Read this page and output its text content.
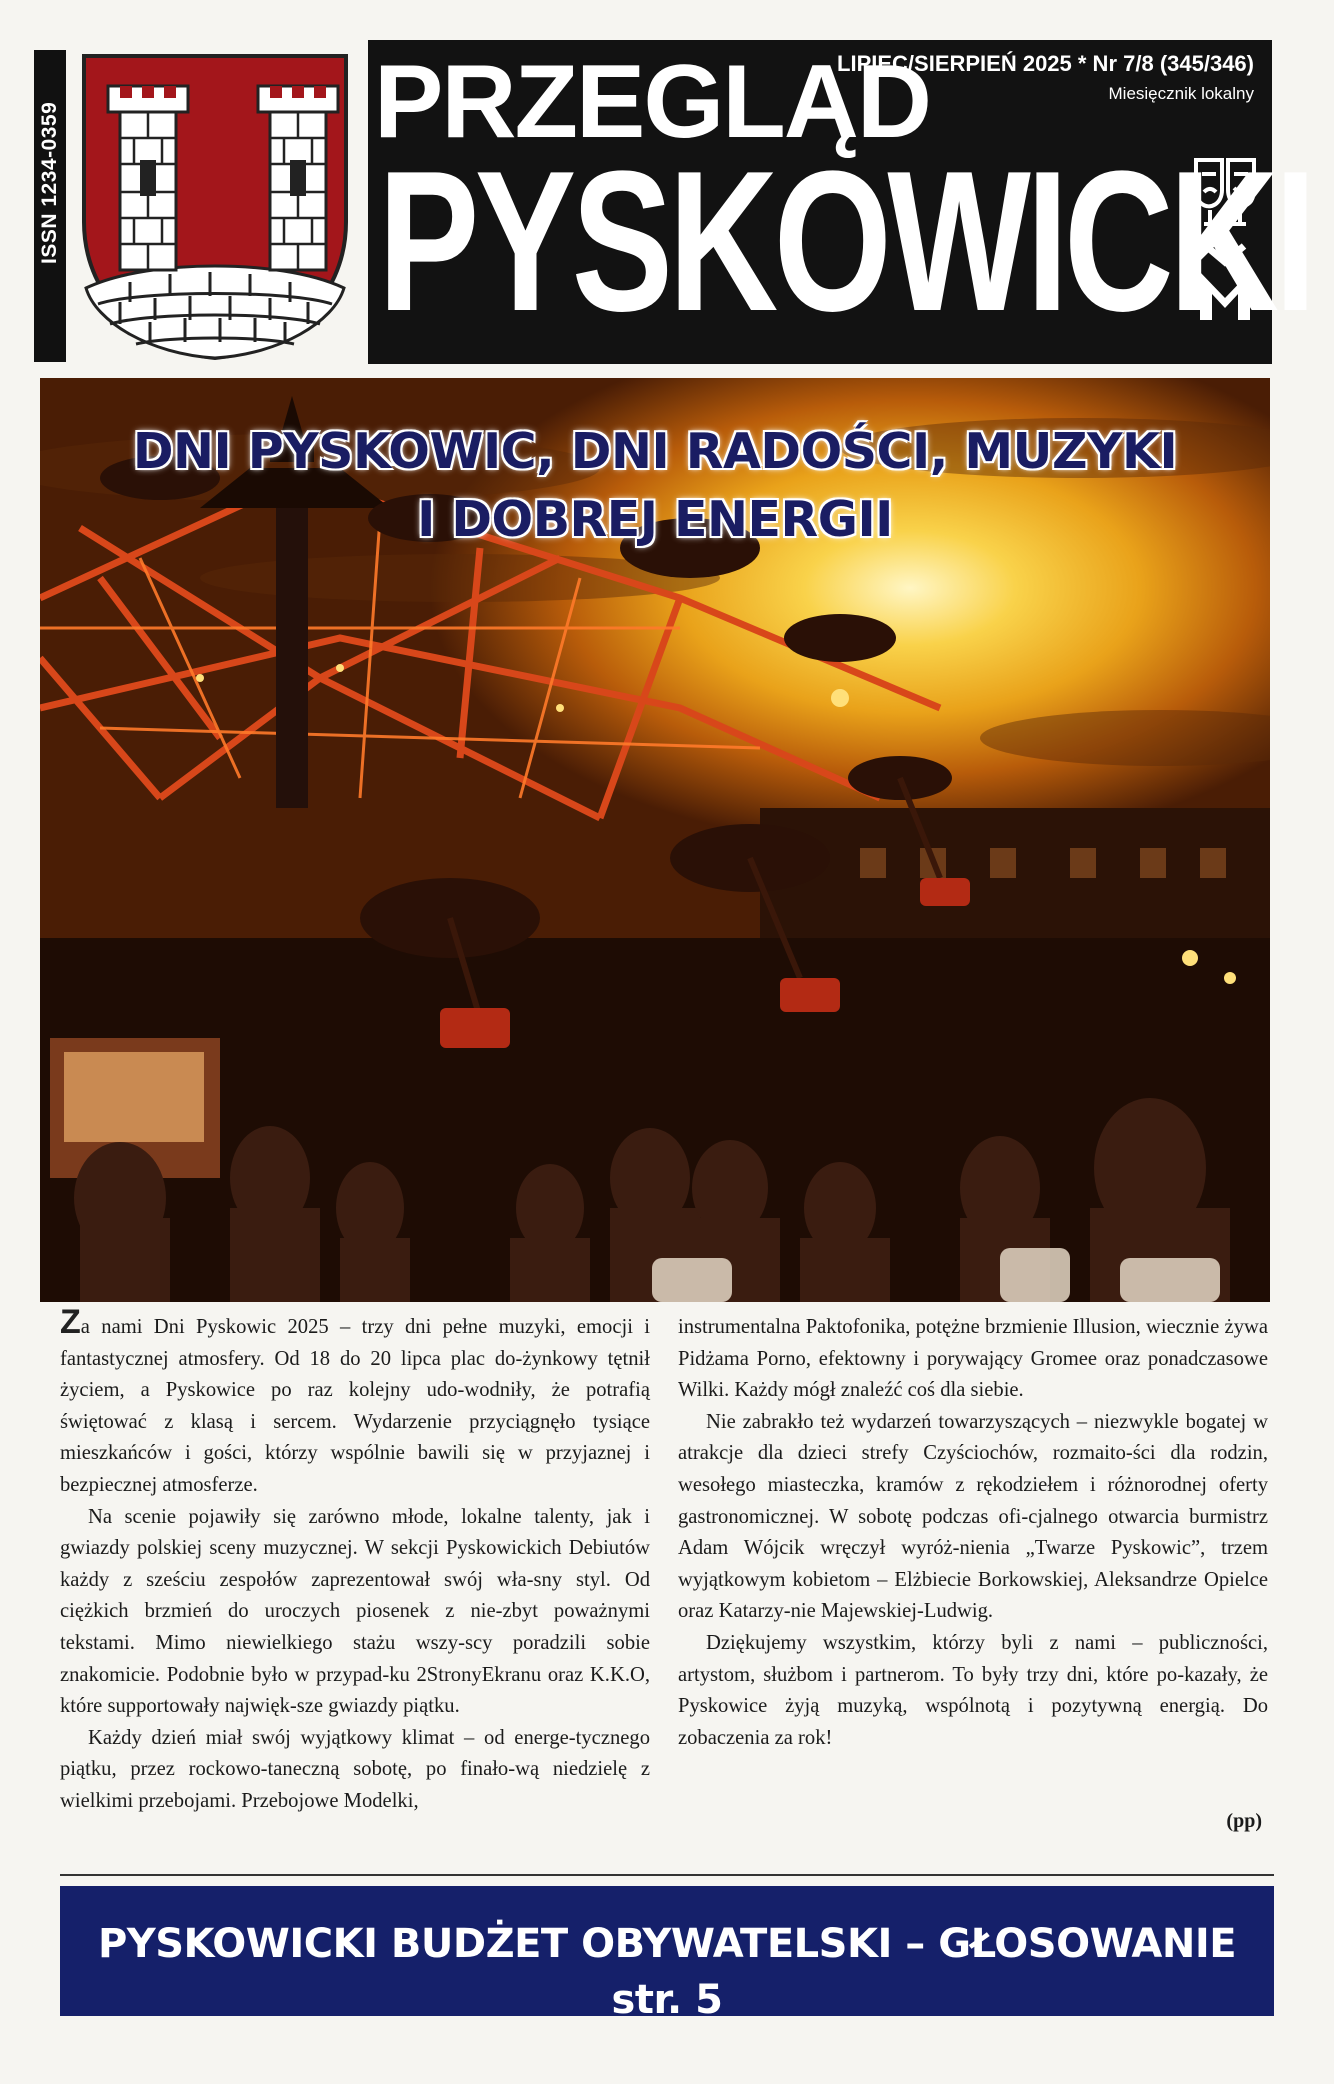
ISSN 1234-0359	PRZEGLĄD
PYSKOWICKI
LIPIEC/SIERPIEŃ 2025 * Nr 7/8 (345/346)
Miesięcznik lokalny
DNI PYSKOWIC, DNI RADOŚCI, MUZYKI
I DOBREJ ENERGII

Za nami Dni Pyskowic 2025 – trzy dni pełne muzyki, emocji i fantastycznej atmosfery. Od 18 do 20 lipca plac do-żynkowy tętnił życiem, a Pyskowice po raz kolejny udo-wodniły, że potrafią świętować z klasą i sercem. Wydarzenie przyciągnęło tysiące mieszkańców i gości, którzy wspólnie bawili się w przyjaznej i bezpiecznej atmosferze.

Na scenie pojawiły się zarówno młode, lokalne talenty, jak i gwiazdy polskiej sceny muzycznej. W sekcji Pyskowickich Debiutów każdy z sześciu zespołów zaprezentował swój wła-sny styl. Od ciężkich brzmień do uroczych piosenek z nie-zbyt poważnymi tekstami. Mimo niewielkiego stażu wszy-scy poradzili sobie znakomicie. Podobnie było w przypad-ku 2StronyEkranu oraz K.K.O, które supportowały najwięk-sze gwiazdy piątku.

Każdy dzień miał swój wyjątkowy klimat – od energe-tycznego piątku, przez rockowo-taneczną sobotę, po finało-wą niedzielę z wielkimi przebojami. Przebojowe Modelki,

instrumentalna Paktofonika, potężne brzmienie Illusion, wiecznie żywa Pidżama Porno, efektowny i porywający Gromee oraz ponadczasowe Wilki. Każdy mógł znaleźć coś dla siebie.

Nie zabrakło też wydarzeń towarzyszących – niezwykle bogatej w atrakcje dla dzieci strefy Czyściochów, rozmaito-ści dla rodzin, wesołego miasteczka, kramów z rękodziełem i różnorodnej oferty gastronomicznej. W sobotę podczas ofi-cjalnego otwarcia burmistrz Adam Wójcik wręczył wyróż-nienia „Twarze Pyskowic”, trzem wyjątkowym kobietom – Elżbiecie Borkowskiej, Aleksandrze Opielce oraz Katarzy-nie Majewskiej-Ludwig.

Dziękujemy wszystkim, którzy byli z nami – publiczności, artystom, służbom i partnerom. To były trzy dni, które po-kazały, że Pyskowice żyją muzyką, wspólnotą i pozytywną energią. Do zobaczenia za rok!

(pp)
PYSKOWICKI BUDŻET OBYWATELSKI – GŁOSOWANIE str. 5
